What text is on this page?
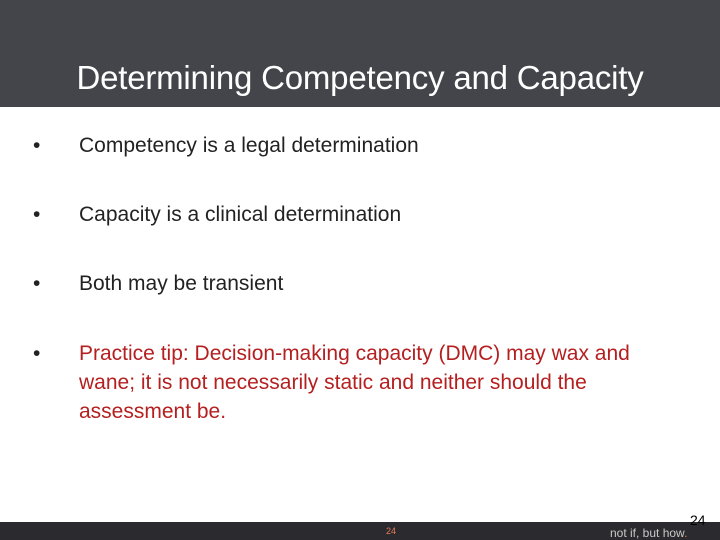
Determining Competency and Capacity
• Competency is a legal determination
• Capacity is a clinical determination
• Both may be transient
• Practice tip: Decision-making capacity (DMC) may wax and wane; it is not necessarily static and neither should the assessment be.
24	not if, but how.
24
